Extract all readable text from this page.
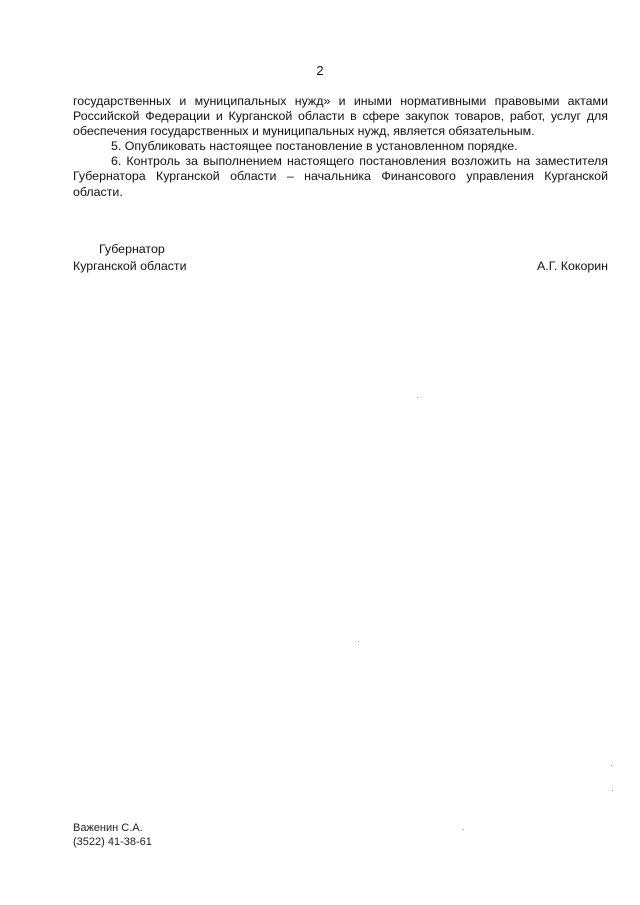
2

государственных и муниципальных нужд» и иными нормативными правовыми актами Российской Федерации и Курганской области в сфере закупок товаров, работ, услуг для обеспечения государственных и муниципальных нужд, является обязательным.

5. Опубликовать настоящее постановление в установленном порядке.

6. Контроль за выполнением настоящего постановления возложить на заместителя Губернатора Курганской области – начальника Финансового управления Курганской области.

Губернатор
Курганской области	А.Г. Кокорин
Важенин С.А.
(3522) 41-38-61
